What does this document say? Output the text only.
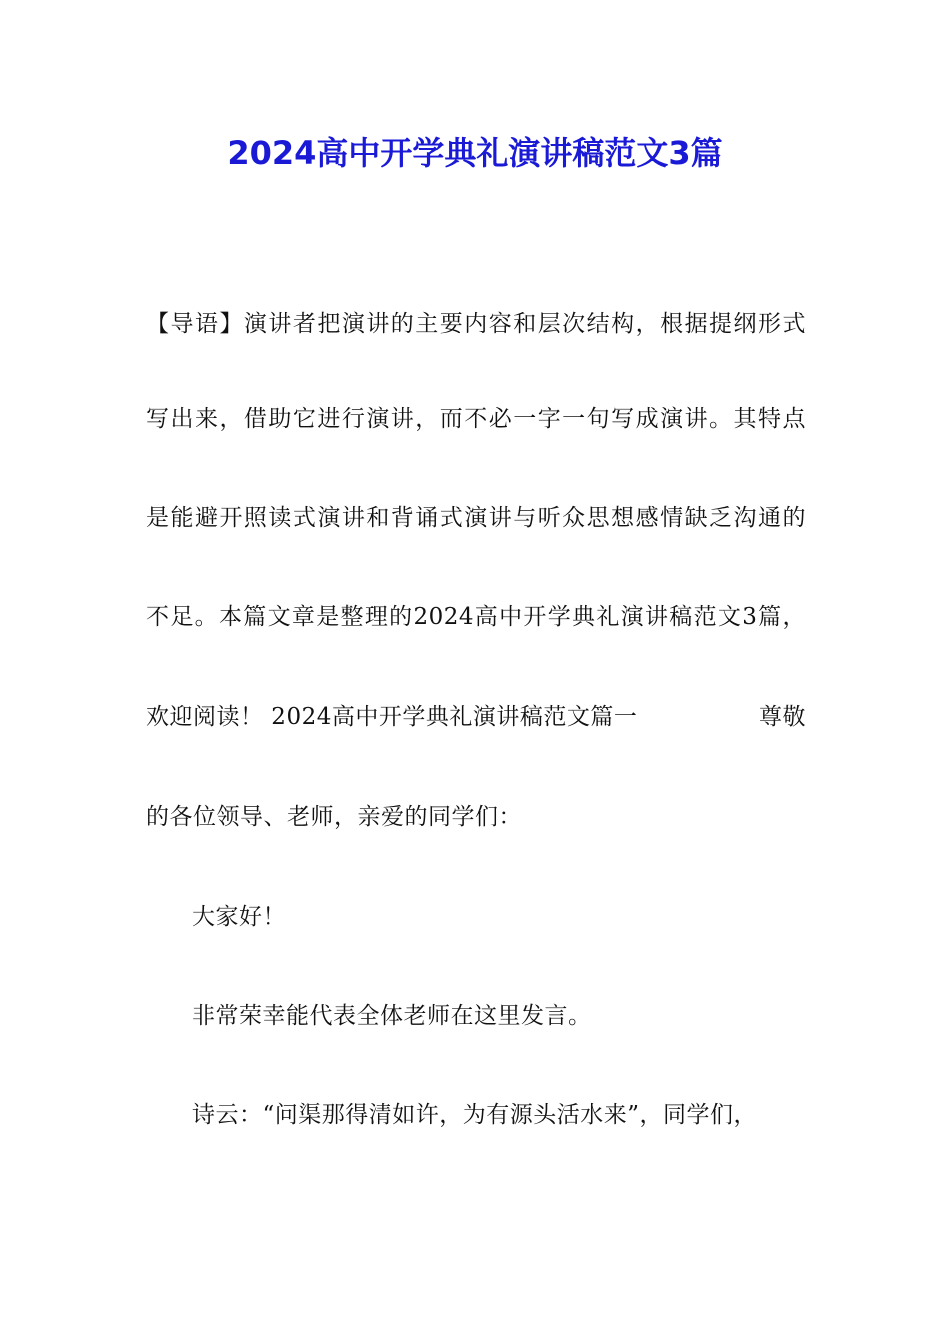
2024高中开学典礼演讲稿范文3篇
【导语】演讲者把演讲的主要内容和层次结构，根据提纲形式
写出来，借助它进行演讲，而不必一字一句写成演讲。其特点
是能避开照读式演讲和背诵式演讲与听众思想感情缺乏沟通的
不足。本篇文章是整理的2024高中开学典礼演讲稿范文3篇，
欢迎阅读！ 2024高中开学典礼演讲稿范文篇一	尊敬
的各位领导、老师，亲爱的同学们：
大家好！
非常荣幸能代表全体老师在这里发言。
诗云：“问渠那得清如许，为有源头活水来”，同学们，
